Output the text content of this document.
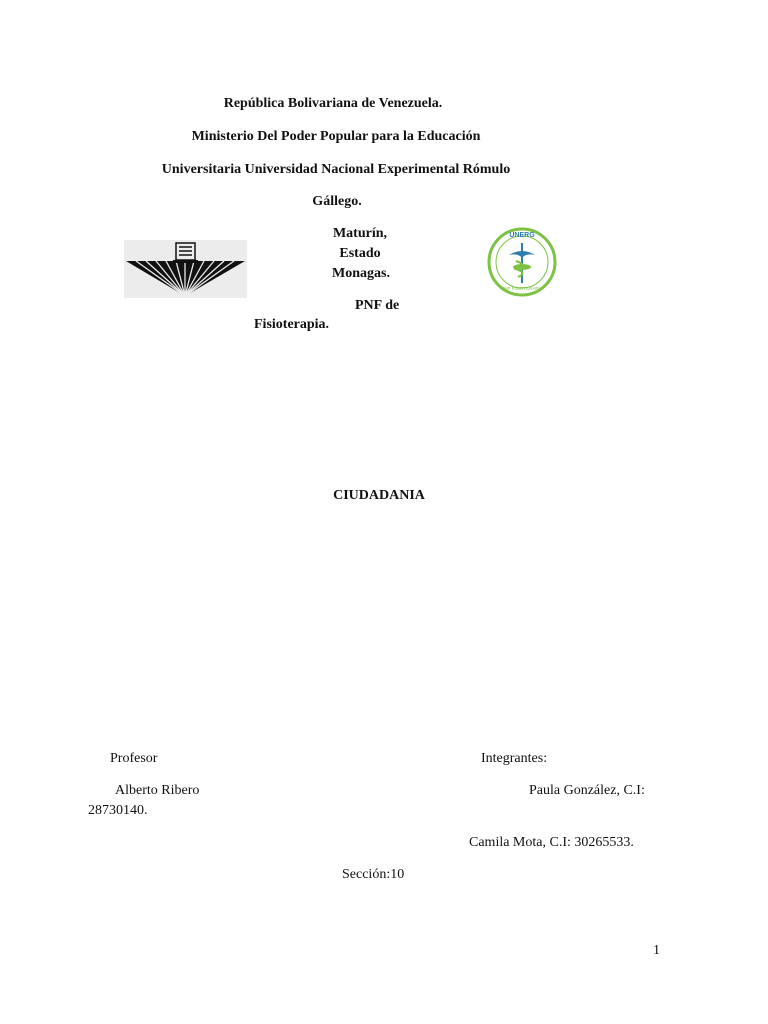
República Bolivariana de Venezuela.
Ministerio Del Poder Popular para la Educación
Universitaria Universidad Nacional Experimental Rómulo
Gállego.
Maturín,
Estado
Monagas.
UNERG
PNF FISIOTERAPIA
PNF de
Fisioterapia.
CIUDADANIA
Profesor	Integrantes:
Alberto Ribero	Paula González, C.I:
28730140.
Camila Mota, C.I: 30265533.
Sección:10
1
